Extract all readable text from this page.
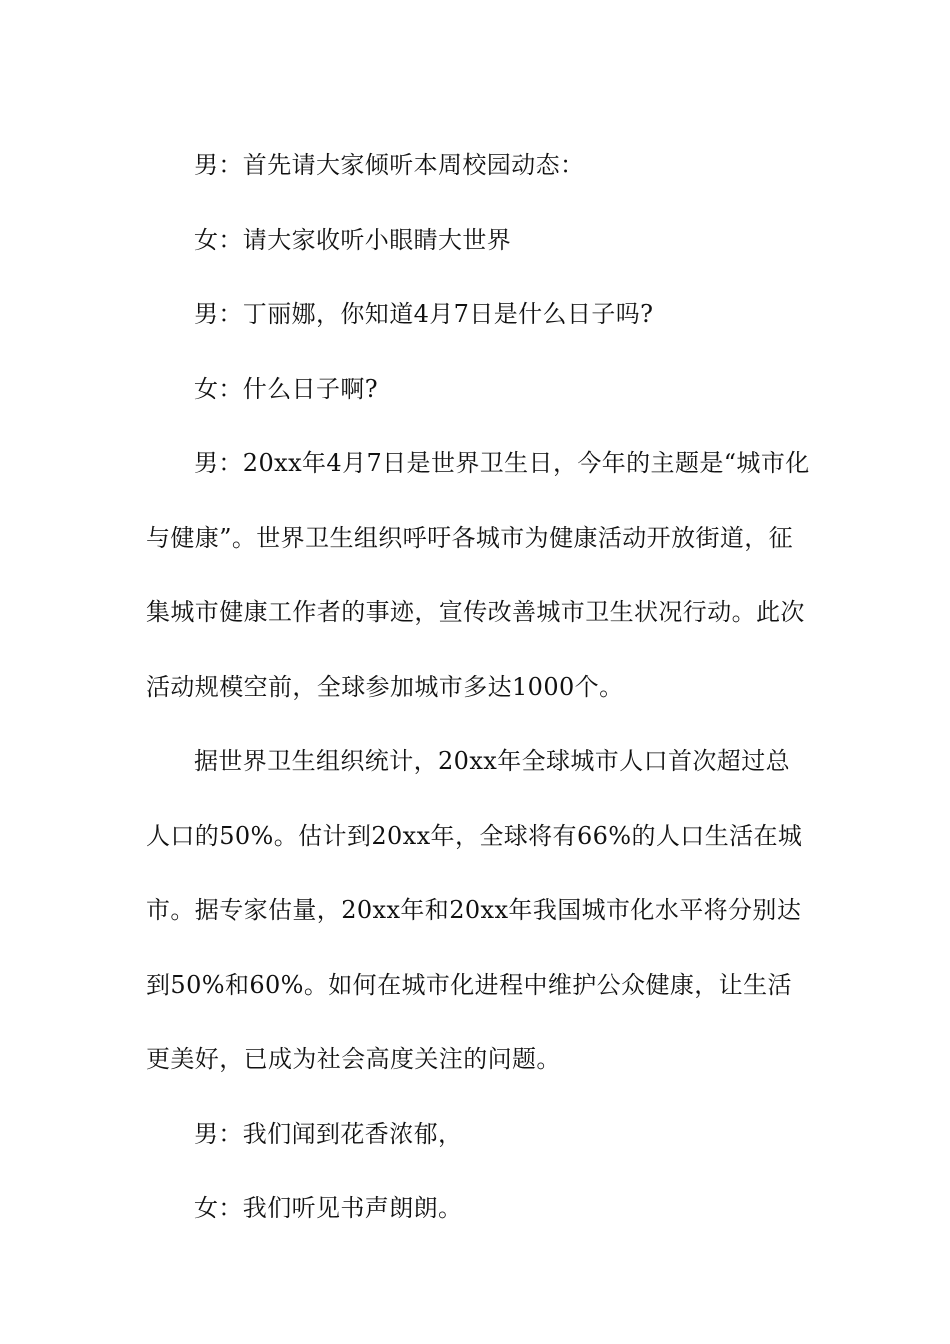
男：首先请大家倾听本周校园动态：

女：请大家收听小眼睛大世界

男：丁丽娜，你知道4月7日是什么日子吗?

女：什么日子啊?

男：20xx年4月7日是世界卫生日，今年的主题是“城市化与健康”。世界卫生组织呼吁各城市为健康活动开放街道，征集城市健康工作者的事迹，宣传改善城市卫生状况行动。此次活动规模空前，全球参加城市多达1000个。

据世界卫生组织统计，20xx年全球城市人口首次超过总人口的50%。估计到20xx年，全球将有66%的人口生活在城市。据专家估量，20xx年和20xx年我国城市化水平将分别达到50%和60%。如何在城市化进程中维护公众健康，让生活更美好，已成为社会高度关注的问题。

男：我们闻到花香浓郁，

女：我们听见书声朗朗。
